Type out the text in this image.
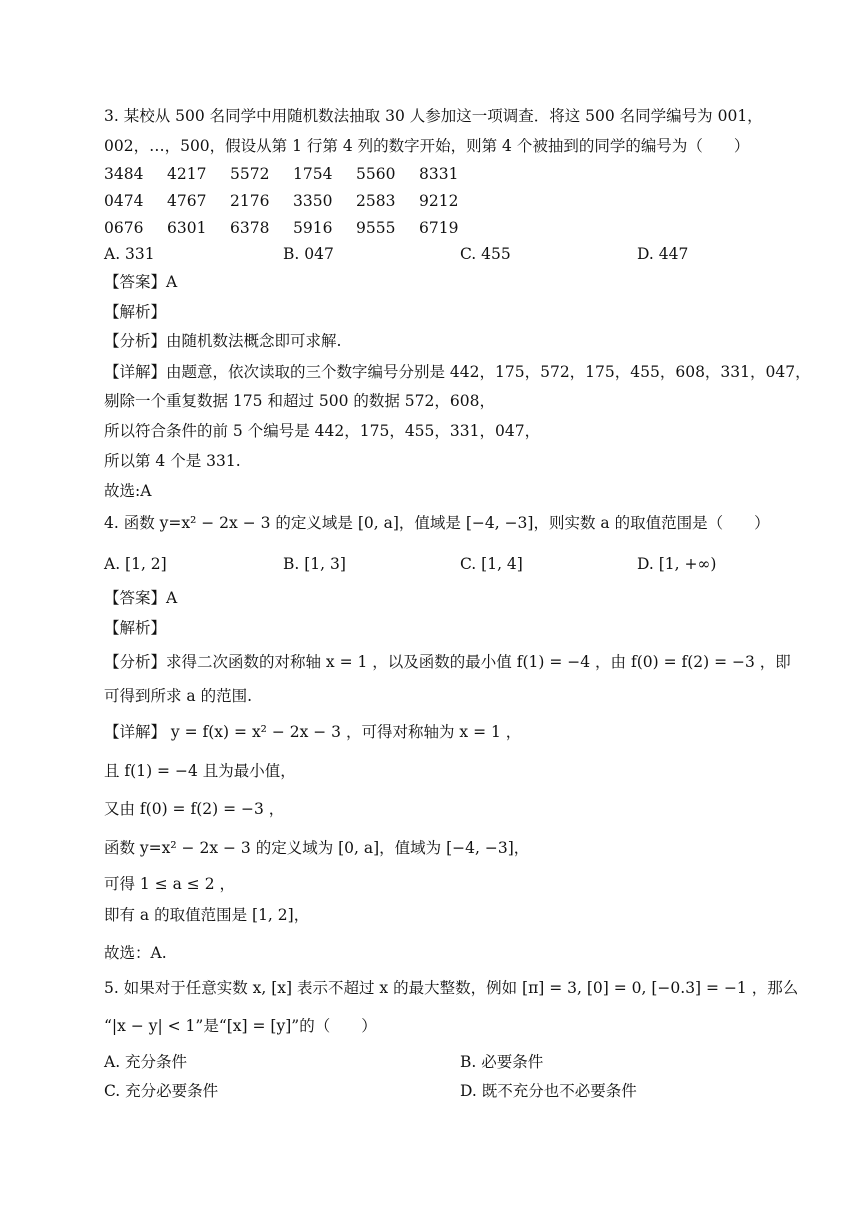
3. 某校从 500 名同学中用随机数法抽取 30 人参加这一项调查．将这 500 名同学编号为 001，
002，…，500，假设从第 1 行第 4 列的数字开始，则第 4 个被抽到的同学的编号为（　　）
3484 4217 5572 1754 5560 8331
0474 4767 2176 3350 2583 9212
0676 6301 6378 5916 9555 6719
A. 331	B. 047	C. 455	D. 447
【答案】A
【解析】
【分析】由随机数法概念即可求解.
【详解】由题意，依次读取的三个数字编号分别是 442，175，572，175，455，608，331，047，
剔除一个重复数据 175 和超过 500 的数据 572，608，
所以符合条件的前 5 个编号是 442，175，455，331，047，
所以第 4 个是 331.
故选:A
4. 函数 y=x² − 2x − 3 的定义域是 [0, a]，值域是 [−4, −3]，则实数 a 的取值范围是（　　）
A. [1, 2]	B. [1, 3]	C. [1, 4]	D. [1, +∞)
【答案】A
【解析】
【分析】求得二次函数的对称轴 x = 1 ，以及函数的最小值 f(1) = −4 ，由 f(0) = f(2) = −3 ，即
可得到所求 a 的范围.
【详解】 y = f(x) = x² − 2x − 3 ，可得对称轴为 x = 1 ，
且 f(1) = −4 且为最小值，
又由 f(0) = f(2) = −3 ，
函数 y=x² − 2x − 3 的定义域为 [0, a]，值域为 [−4, −3]，
可得 1 ≤ a ≤ 2 ，
即有 a 的取值范围是 [1, 2]，
故选：A.
5. 如果对于任意实数 x, [x] 表示不超过 x 的最大整数，例如 [π] = 3, [0] = 0, [−0.3] = −1 ，那么
“|x − y| < 1”是“[x] = [y]”的（　　）
A. 充分条件	B. 必要条件
C. 充分必要条件	D. 既不充分也不必要条件
